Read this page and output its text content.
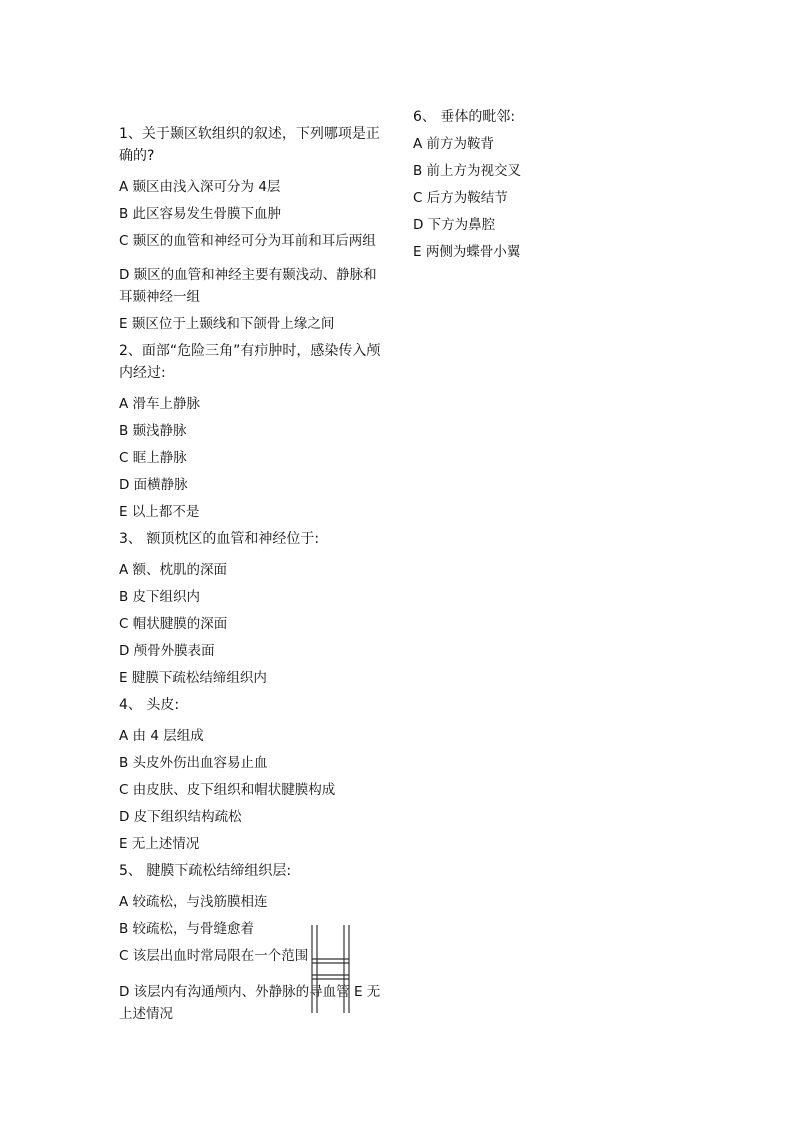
1、关于颞区软组织的叙述，下列哪项是正确的?

A 颞区由浅入深可分为 4层

B 此区容易发生骨膜下血肿

C 颞区的血管和神经可分为耳前和耳后两组

D 颞区的血管和神经主要有颞浅动、静脉和耳颞神经一组

E 颞区位于上颞线和下颌骨上缘之间

2、面部“危险三角”有疖肿时，感染传入颅内经过:

A 滑车上静脉

B 颞浅静脉

C 眶上静脉

D 面横静脉

E 以上都不是

3、 额顶枕区的血管和神经位于:

A 额、枕肌的深面

B 皮下组织内

C 帽状腱膜的深面

D 颅骨外膜表面

E 腱膜下疏松结缔组织内

4、 头皮:

A 由 4 层组成

B 头皮外伤出血容易止血

C 由皮肤、皮下组织和帽状腱膜构成

D 皮下组织结构疏松

E 无上述情况

5、 腱膜下疏松结缔组织层:

A 较疏松，与浅筋膜相连

B 较疏松，与骨缝愈着

C 该层出血时常局限在一个范围

D 该层内有沟通颅内、外静脉的导血管 E 无上述情况

6、 垂体的毗邻:

A 前方为鞍背

B 前上方为视交叉

C 后方为鞍结节

D 下方为鼻腔

E 两侧为蝶骨小翼
